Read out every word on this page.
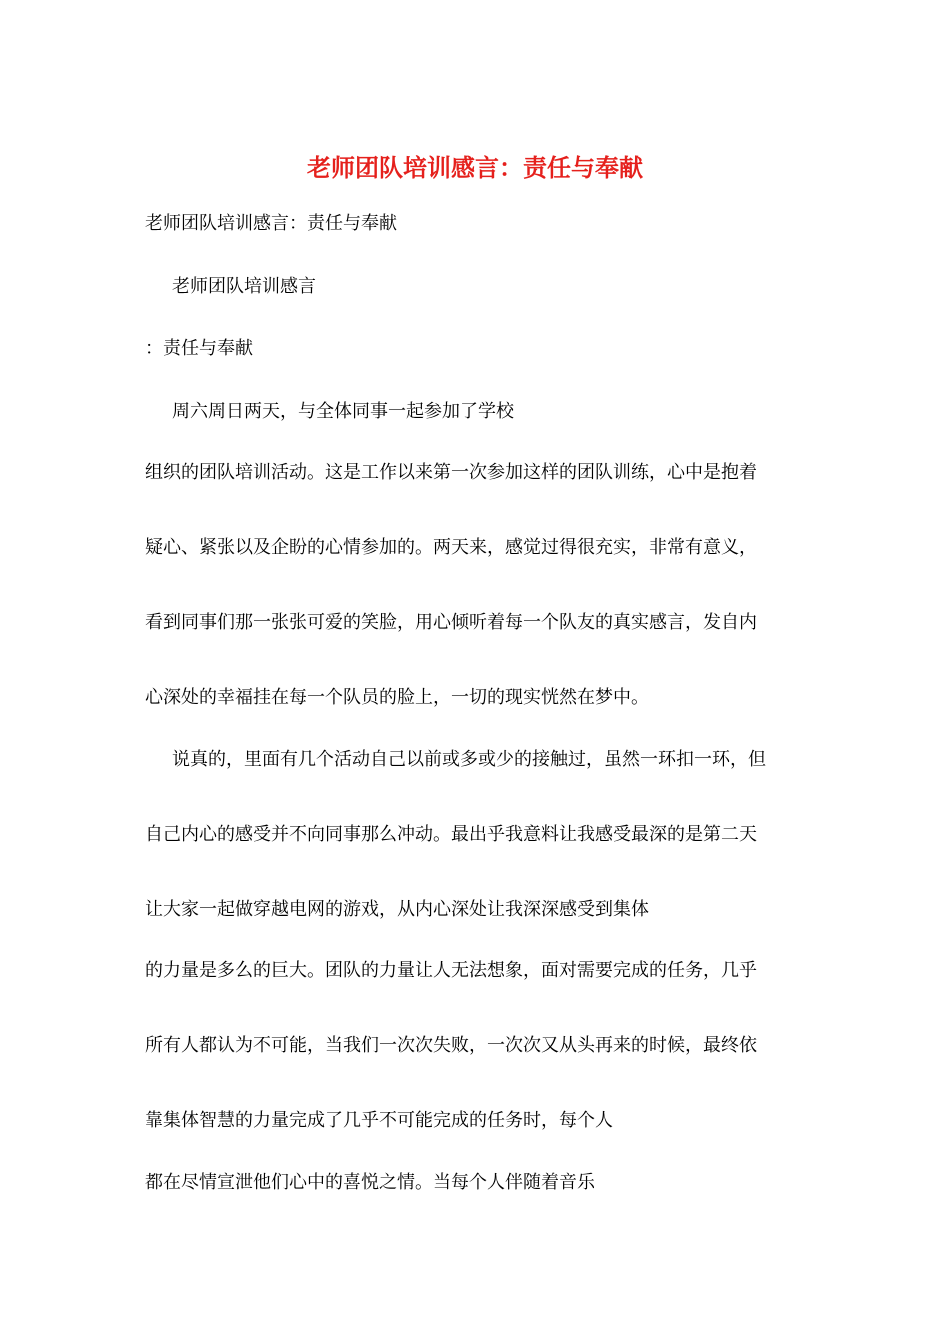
老师团队培训感言：责任与奉献

老师团队培训感言：责任与奉献

老师团队培训感言

：责任与奉献

周六周日两天，与全体同事一起参加了学校

组织的团队培训活动。这是工作以来第一次参加这样的团队训练，心中是抱着

疑心、紧张以及企盼的心情参加的。两天来，感觉过得很充实，非常有意义，

看到同事们那一张张可爱的笑脸，用心倾听着每一个队友的真实感言，发自内

心深处的幸福挂在每一个队员的脸上，一切的现实恍然在梦中。

说真的，里面有几个活动自己以前或多或少的接触过，虽然一环扣一环，但

自己内心的感受并不向同事那么冲动。最出乎我意料让我感受最深的是第二天

让大家一起做穿越电网的游戏，从内心深处让我深深感受到集体

的力量是多么的巨大。团队的力量让人无法想象，面对需要完成的任务，几乎

所有人都认为不可能，当我们一次次失败，一次次又从头再来的时候，最终依

靠集体智慧的力量完成了几乎不可能完成的任务时，每个人

都在尽情宣泄他们心中的喜悦之情。当每个人伴随着音乐
